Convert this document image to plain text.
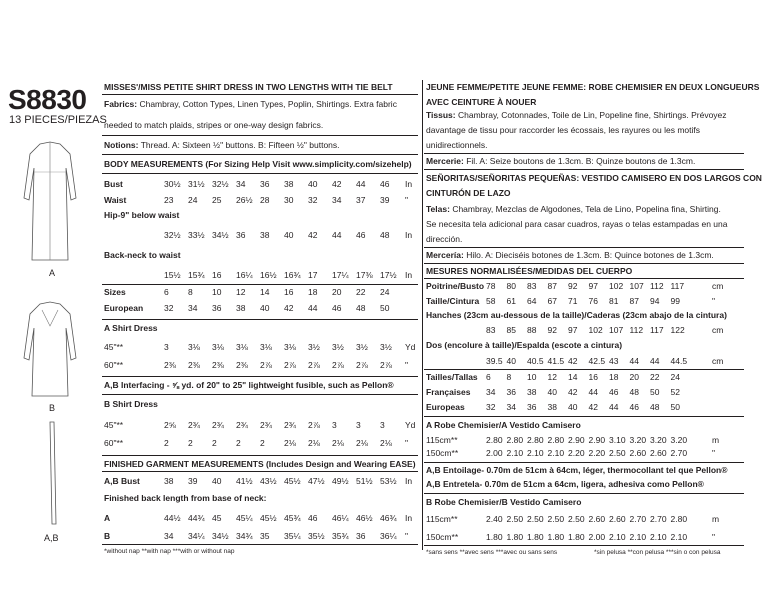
S8830
13 PIECES/PIEZAS
A
B
A,B
MISSES'/MISS PETITE SHIRT DRESS IN TWO LENGTHS WITH TIE BELT
Fabrics: Chambray, Cotton Types, Linen Types, Poplin, Shirtings. Extra fabric
needed to match plaids, stripes or one-way design fabrics.
Notions: Thread. A: Sixteen ½" buttons. B: Fifteen ½" buttons.
BODY MEASUREMENTS (For Sizing Help Visit www.simplicity.com/sizehelp)
Bust	30½ 31½ 32½ 34 36 38 40 42 44 46 In
Waist	23 24 25 26½ 28 30 32 34 37 39 "
Hip-9" below waist
32½ 33½ 34½ 36 38 40 42 44 46 48 In
Back-neck to waist
15½ 15¾ 16 16¼ 16½ 16¾ 17 17¼ 17⅜ 17½ In
Sizes	6 8 10 12 14 16 18 20 22 24
European 32 34 36 38 40 42 44 46 48 50
A Shirt Dress
45"**	3 3⅛ 3⅛ 3⅛ 3⅛ 3⅛ 3½ 3½ 3½ 3½ Yd
60"**	2⅜ 2⅜ 2⅜ 2⅜ 2⅞ 2⅞ 2⅞ 2⅞ 2⅞ 2⅞ "
A,B Interfacing - ⅝ yd. of 20" to 25" lightweight fusible, such as Pellon®
B Shirt Dress
45"**	2⅝ 2¾ 2¾ 2¾ 2¾ 2¾ 2⅞ 3 3 3 Yd
60"**	2 2 2 2 2 2⅛ 2⅛ 2⅛ 2⅛ 2⅛ "
FINISHED GARMENT MEASUREMENTS (Includes Design and Wearing EASE)
A,B Bust	38 39 40 41½ 43½ 45½ 47½ 49½ 51½ 53½ In
Finished back length from base of neck:
A	44½ 44¾ 45 45¼ 45½ 45¾ 46 46¼ 46½ 46¾ In
B	34 34¼ 34½ 34¾ 35 35¼ 35½ 35¾ 36 36¼ "
*without nap **with nap ***with or without nap
JEUNE FEMME/PETITE JEUNE FEMME: ROBE CHEMISIER EN DEUX LONGUEURS
AVEC CEINTURE À NOUER
Tissus: Chambray, Cotonnades, Toile de Lin, Popeline fine, Shirtings. Prévoyez
davantage de tissu pour raccorder les écossais, les rayures ou les motifs
unidirectionnels.
Mercerie: Fil. A: Seize boutons de 1.3cm. B: Quinze boutons de 1.3cm.
SEÑORITAS/SEÑORITAS PEQUEÑAS: VESTIDO CAMISERO EN DOS LARGOS CON
CINTURÓN DE LAZO
Telas: Chambray, Mezclas de Algodones, Tela de Lino, Popelina fina, Shirting.
Se necesita tela adicional para casar cuadros, rayas o telas estampadas en una
dirección.
Mercería: Hilo. A: Dieciséis botones de 1.3cm. B: Quince botones de 1.3cm.
MESURES NORMALISÉES/MEDIDAS DEL CUERPO
Poitrine/Busto 78 80 83 87 92 97 102 107 112 117	cm
Taille/Cintura 58 61 64 67 71 76 81 87 94 99	"
Hanches (23cm au-dessous de la taille)/Caderas (23cm abajo de la cintura)
83 85 88 92 97 102 107 112 117 122	cm
Dos (encolure à taille)/Espalda (escote a cintura)
39.5 40 40.5 41.5 42 42.5 43 44 44 44.5	cm
Tailles/Tallas 6 8 10 12 14 16 18 20 22 24
Françaises 34 36 38 40 42 44 46 48 50 52
Europeas	32 34 36 38 40 42 44 46 48 50
A Robe Chemisier/A Vestido Camisero
115cm**	2.80 2.80 2.80 2.80 2.90 2.90 3.10 3.20 3.20 3.20	m
150cm**	2.00 2.10 2.10 2.10 2.20 2.20 2.50 2.60 2.60 2.70	"
A,B Entoilage- 0.70m de 51cm à 64cm, léger, thermocollant tel que Pellon®
A,B Entretela- 0.70m de 51cm a 64cm, ligera, adhesiva como Pellon®
B Robe Chemisier/B Vestido Camisero
115cm**	2.40 2.50 2.50 2.50 2.50 2.60 2.60 2.70 2.70 2.80	m
150cm**	1.80 1.80 1.80 1.80 1.80 2.00 2.10 2.10 2.10 2.10	"
*sans sens **avec sens ***avec ou sans sens	*sin pelusa **con pelusa ***sin o con pelusa
